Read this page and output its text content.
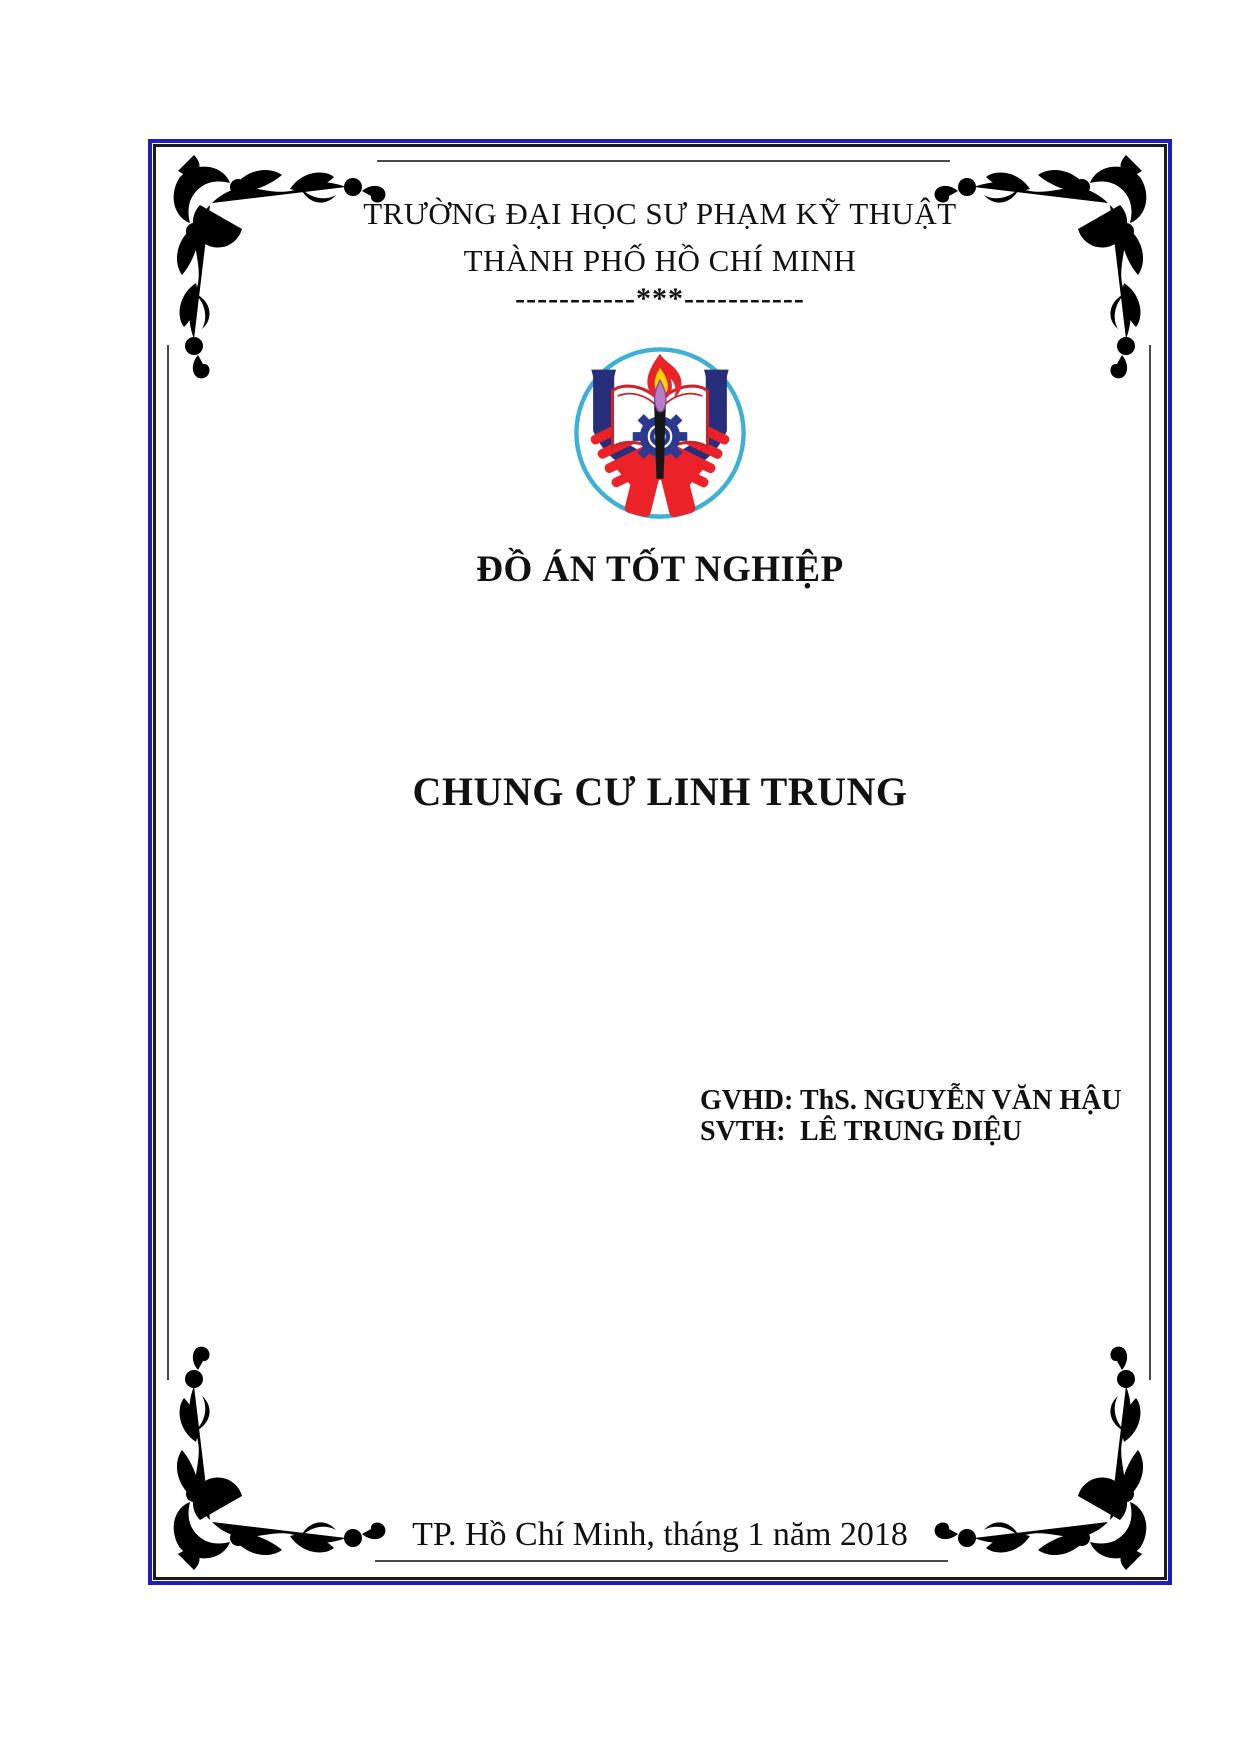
TRƯỜNG ĐẠI HỌC SƯ PHẠM KỸ THUẬT
THÀNH PHỐ HỒ CHÍ MINH
-----------***-----------
ĐỒ ÁN TỐT NGHIỆP
CHUNG CƯ LINH TRUNG
GVHD: ThS. NGUYỄN VĂN HẬU
SVTH: LÊ TRUNG DIỆU
TP. Hồ Chí Minh, tháng 1 năm 2018
